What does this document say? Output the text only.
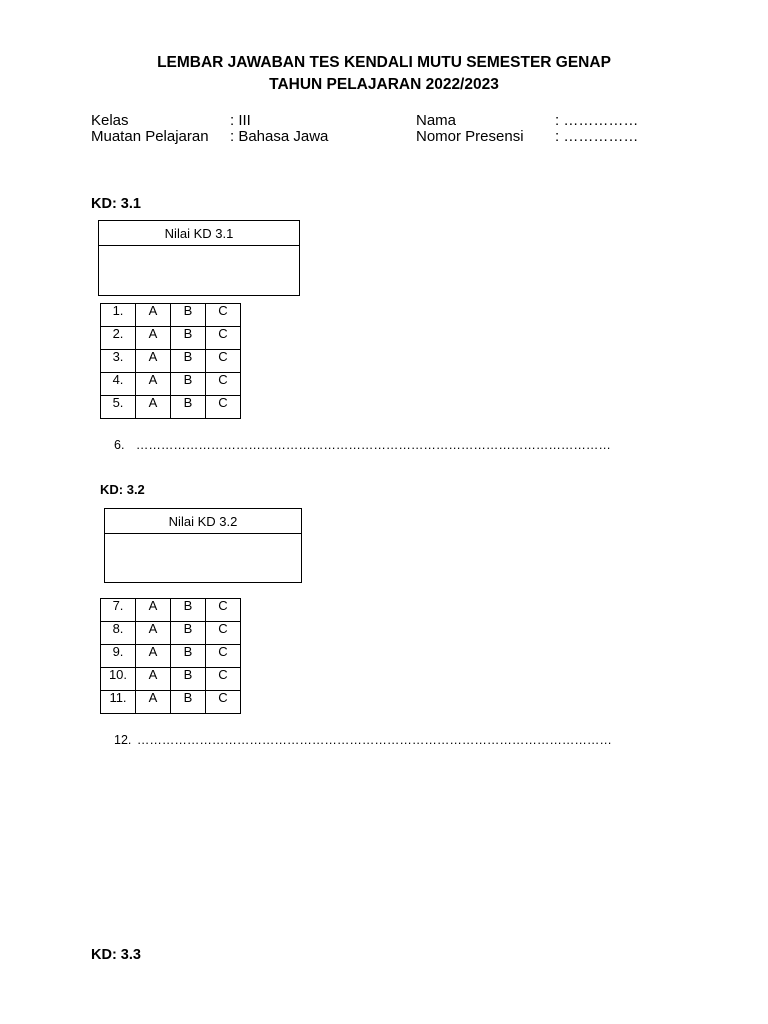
LEMBAR JAWABAN TES KENDALI MUTU SEMESTER GENAP
TAHUN PELAJARAN 2022/2023
Kelas	: III
Muatan Pelajaran : Bahasa Jawa
Nama	: ……………
Nomor Presensi : ……………
KD: 3.1
Nilai KD 3.1
1.	A	B	C
2.	A	B	C
3.	A	B	C
4.	A	B	C
5.	A	B	C
6. ……………………………………………………………………………………………………
KD: 3.2
Nilai KD 3.2
7.	A	B	C
8.	A	B	C
9.	A	B	C
10.	A	B	C
11.	A	B	C
12. ……………………………………………………………………………………………………
KD: 3.3
